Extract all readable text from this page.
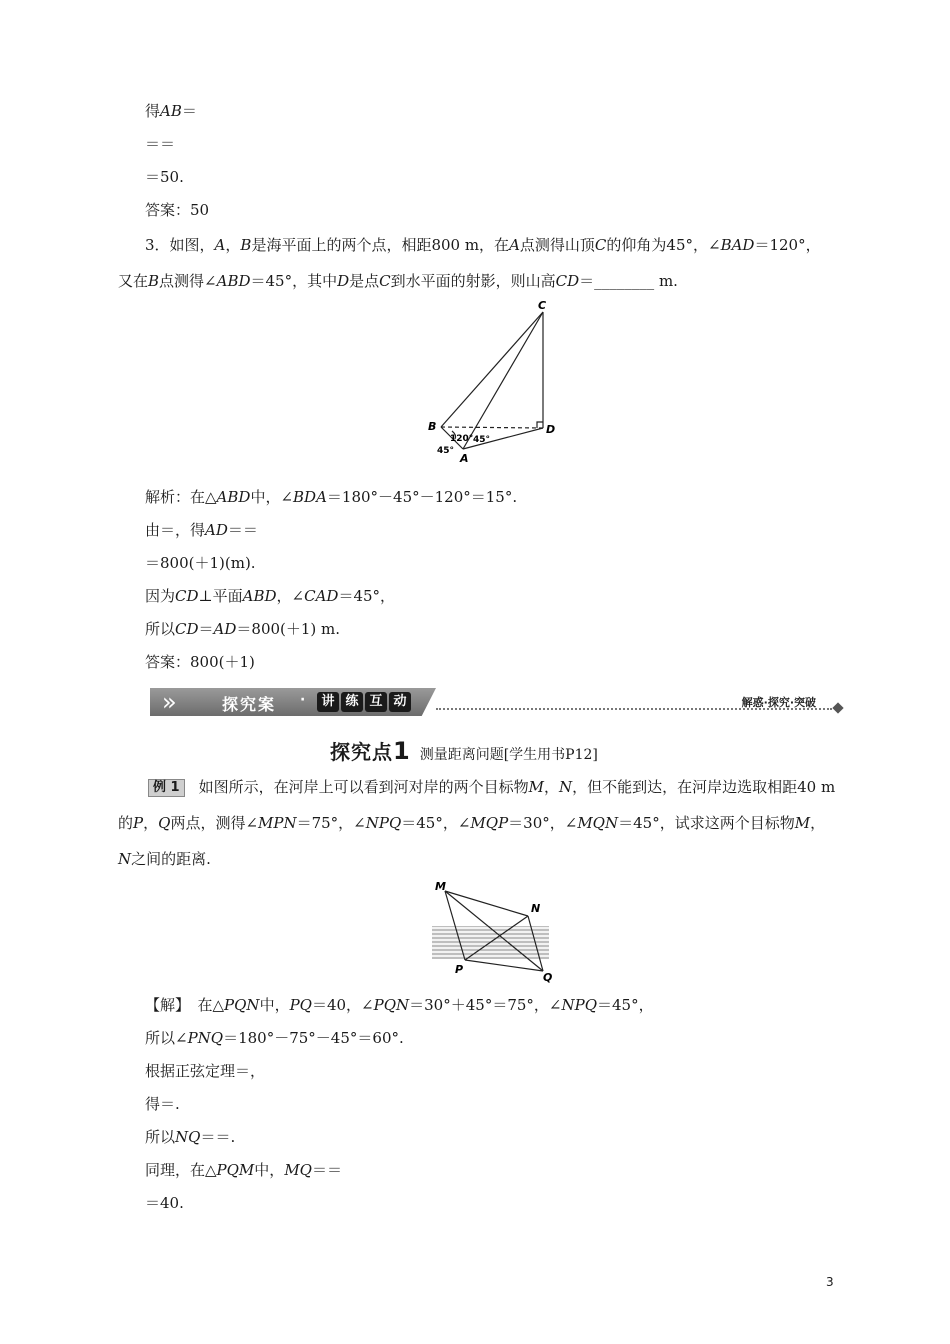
得AB＝
＝＝
＝50.
答案：50
3．如图，A，B是海平面上的两个点，相距800 m，在A点测得山顶C的仰角为45°，∠BAD＝120°，又在B点测得∠ABD＝45°，其中D是点C到水平面的射影，则山高CD＝________ m.
C
B	D
A
120° 45°
45°
解析：在△ABD中，∠BDA＝180°－45°－120°＝15°.
由＝，得AD＝＝
＝800(＋1)(m).
因为CD⊥平面ABD，∠CAD＝45°，
所以CD＝AD＝800(＋1) m.
答案：800(＋1)
»	探究案 ·	讲 练 互 动	解惑·探究·突破
探究点1 测量距离问题[学生用书P12]
例 1 如图所示，在河岸上可以看到河对岸的两个目标物M，N，但不能到达，在河岸边选取相距40 m的P，Q两点，测得∠MPN＝75°，∠NPQ＝45°，∠MQP＝30°，∠MQN＝45°，试求这两个目标物M，N之间的距离.
M
N
P
Q
【解】　在△PQN中，PQ＝40，∠PQN＝30°＋45°＝75°，∠NPQ＝45°，
所以∠PNQ＝180°－75°－45°＝60°.
根据正弦定理＝，
得＝.
所以NQ＝＝.
同理，在△PQM中，MQ＝＝
＝40.
3
